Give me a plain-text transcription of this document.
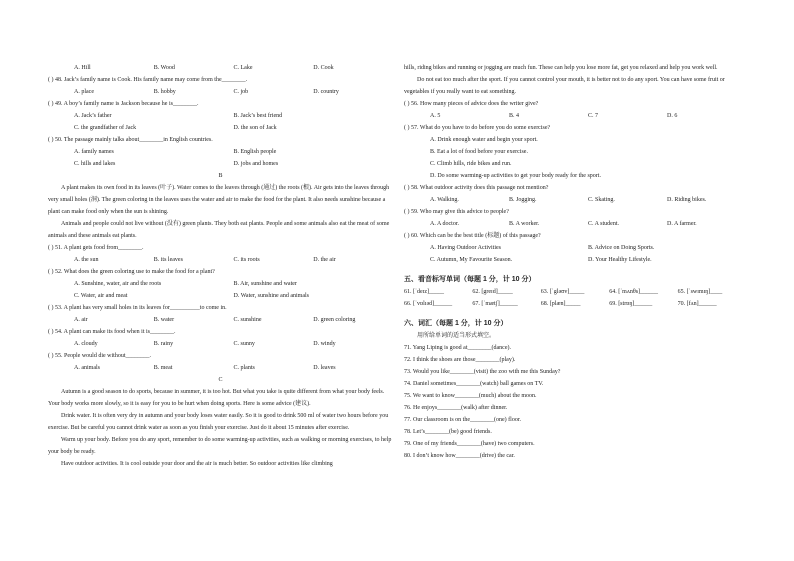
A. Hill	B. Wood	C. Lake	D. Cook
( ) 48. Jack’s family name is Cook. His family name may come from the________.
A. place	B. hobby	C. job	D. country
( ) 49. A boy’s family name is Jackson because he is________.
A. Jack’s father	B. Jack’s best friend
C. the grandfather of Jack	D. the son of Jack
( ) 50. The passage mainly talks about________in English countries.
A. family names	B. English people
C. hills and lakes	D. jobs and homes
B
A plant makes its own food in its leaves (叶子). Water comes to the leaves through (通过) the roots (根). Air gets into the leaves through very small holes (洞). The green coloring in the leaves uses the water and air to make the food for the plant. It also needs sunshine because a plant can make food only when the sun is shining.
Animals and people could not live without (没有) green plants. They both eat plants. People and some animals also eat the meat of some animals and these animals eat plants.
( ) 51. A plant gets food from________.
A. the sun	B. its leaves	C. its roots	D. the air
( ) 52. What does the green coloring use to make the food for a plant?
A. Sunshine, water, air and the roots	B. Air, sunshine and water
C. Water, air and meat	D. Water, sunshine and animals
( ) 53. A plant has very small holes in its leaves for__________to come in.
A. air	B. water	C. sunshine	D. green coloring
( ) 54. A plant can make its food when it is________.
A. cloudy	B. rainy	C. sunny	D. windy
( ) 55. People would die without________.
A. animals	B. meat	C. plants	D. leaves
C
Autumn is a good season to do sports, because in summer, it is too hot. But what you take is quite different from what your body feels. Your body works more slowly, so it is easy for you to be hurt when doing sports. Here is some advice (建议).
Drink water. It is often very dry in autumn and your body loses water easily. So it is good to drink 500 ml of water two hours before you exercise. But be careful you cannot drink water as soon as you finish your exercise. Just do it about 15 minutes after exercise.
Warm up your body. Before you do any sport, remember to do some warming-up activities, such as walking or morning exercises, to help your body be ready.
Have outdoor activities. It is cool outside your door and the air is much better. So outdoor activities like climbing
hills, riding bikes and running or jogging are much fun. These can help you lose more fat, get you relaxed and help you work well.
Do not eat too much after the sport. If you cannot control your mouth, it is better not to do any sport. You can have some fruit or vegetables if you really want to eat something.
( ) 56. How many pieces of advice does the writer give?
A. 5	B. 4	C. 7	D. 6
( ) 57. What do you have to do before you do some exercise?
A. Drink enough water and begin your sport.
B. Eat a lot of food before your exercise.
C. Climb hills, ride bikes and run.
D. Do some warming-up activities to get your body ready for the sport.
( ) 58. What outdoor activity does this passage not mention?
A. Walking.	B. Jogging.	C. Skating.	D. Riding bikes.
( ) 59. Who may give this advice to people?
A. A doctor.	B. A worker.	C. A student.	D. A farmer.
( ) 60. Which can be the best title (标题) of this passage?
A. Having Outdoor Activities	B. Advice on Doing Sports.
C. Autumn, My Favourite Season.	D. Your Healthy Lifestyle.
五、看音标写单词（每题 1 分，计 10 分）
61. [ˈdeɪz]_____	62. [greɪd]_____	63. [ˈgləʊv]_____	64. [ˈmʌnθs]______	65. [ˈswɪmɪŋ]____
66. [ˈvɒlɪəd]______	67. [ˈmætʃ]______	68. [plæn]_____	69. [strɒŋ]______	70. [fʌn]______
六、词汇（每题 1 分，计 10 分）
用所给单词的适当形式填空。
71. Yang Liping is good at________(dance).
72. I think the shoes are those________(play).
73. Would you like________(visit) the zoo with me this Sunday?
74. Daniel sometimes________(watch) ball games on TV.
75. We want to know________(much) about the moon.
76. He enjoys________(walk) after dinner.
77. Our classroom is on the________(one) floor.
78. Let’s________(be) good friends.
79. One of my friends________(have) two computers.
80. I don’t know how________(drive) the car.
